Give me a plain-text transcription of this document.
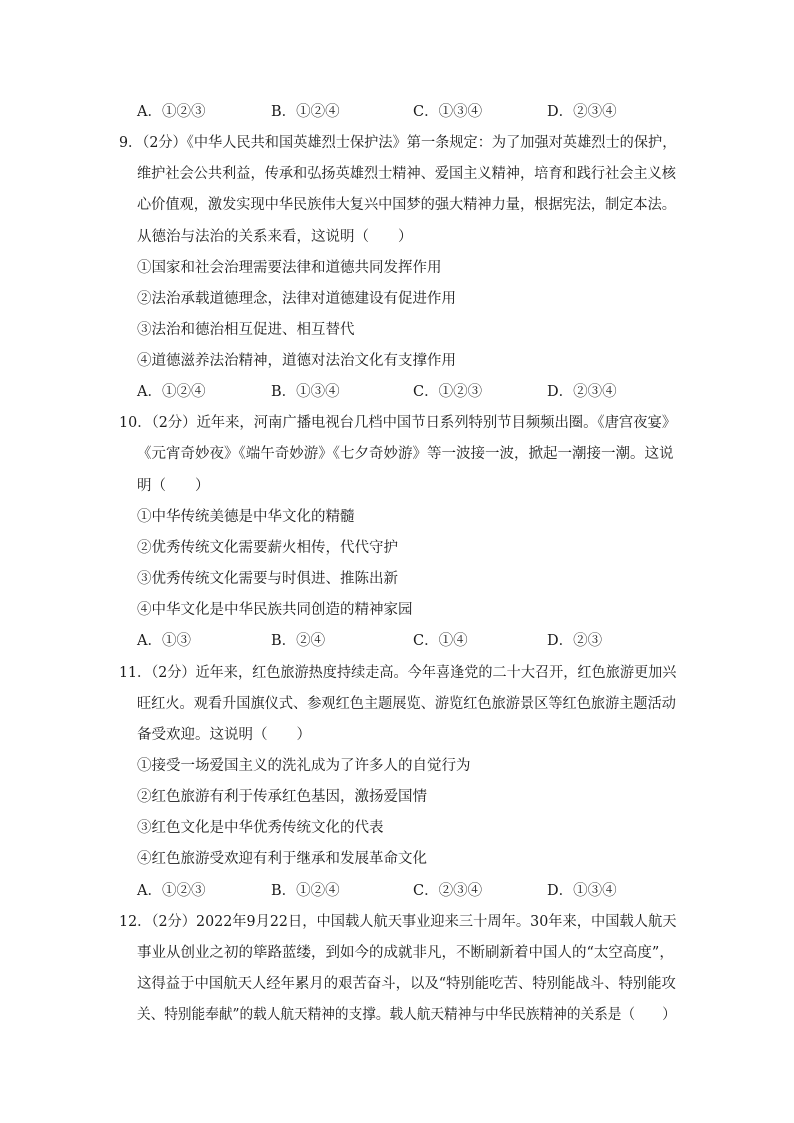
A．①②③	B．①②④	C．①③④	D．②③④
9．（2分）《中华人民共和国英雄烈士保护法》第一条规定：为了加强对英雄烈士的保护，
维护社会公共利益，传承和弘扬英雄烈士精神、爱国主义精神，培育和践行社会主义核
心价值观，激发实现中华民族伟大复兴中国梦的强大精神力量，根据宪法，制定本法。
从德治与法治的关系来看，这说明（　　）
①国家和社会治理需要法律和道德共同发挥作用
②法治承载道德理念，法律对道德建设有促进作用
③法治和德治相互促进、相互替代
④道德滋养法治精神，道德对法治文化有支撑作用
A．①②④	B．①③④	C．①②③	D．②③④
10．（2分）近年来，河南广播电视台几档中国节日系列特别节目频频出圈。《唐宫夜宴》
《元宵奇妙夜》《端午奇妙游》《七夕奇妙游》等一波接一波，掀起一潮接一潮。这说
明（　　）
①中华传统美德是中华文化的精髓
②优秀传统文化需要薪火相传，代代守护
③优秀传统文化需要与时俱进、推陈出新
④中华文化是中华民族共同创造的精神家园
A．①③	B．②④	C．①④	D．②③
11．（2分）近年来，红色旅游热度持续走高。今年喜逢党的二十大召开，红色旅游更加兴
旺红火。观看升国旗仪式、参观红色主题展览、游览红色旅游景区等红色旅游主题活动
备受欢迎。这说明（　　）
①接受一场爱国主义的洗礼成为了许多人的自觉行为
②红色旅游有利于传承红色基因，激扬爱国情
③红色文化是中华优秀传统文化的代表
④红色旅游受欢迎有利于继承和发展革命文化
A．①②③	B．①②④	C．②③④	D．①③④
12．（2分）2022年9月22日，中国载人航天事业迎来三十周年。30年来，中国载人航天
事业从创业之初的筚路蓝缕，到如今的成就非凡，不断刷新着中国人的“太空高度”，
这得益于中国航天人经年累月的艰苦奋斗，以及“特别能吃苦、特别能战斗、特别能攻
关、特别能奉献”的载人航天精神的支撑。载人航天精神与中华民族精神的关系是（　　）
